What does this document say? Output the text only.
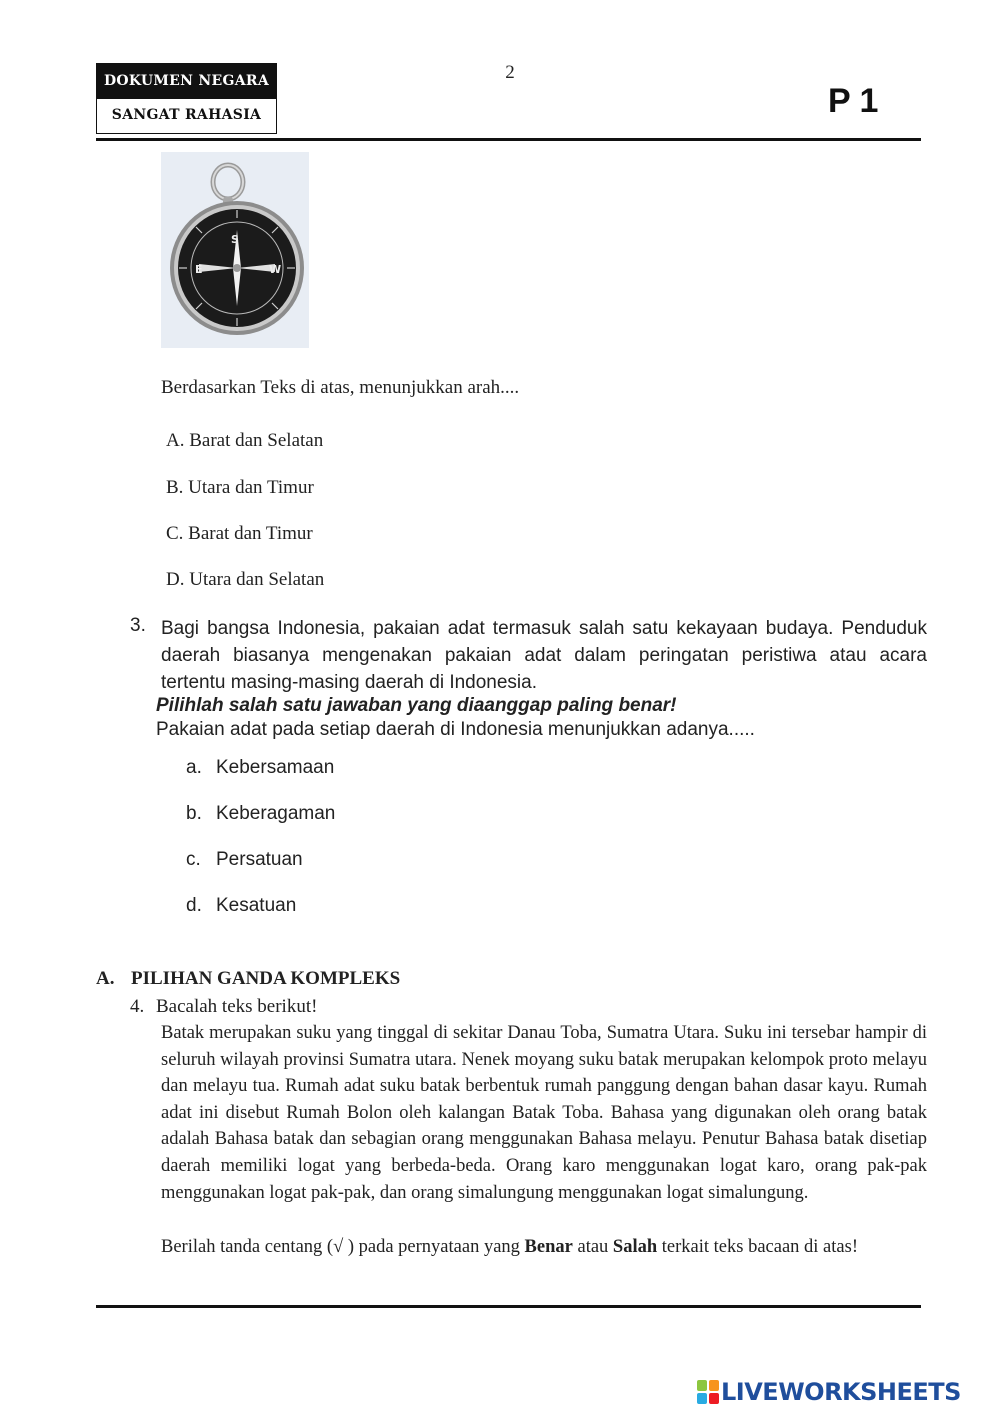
DOKUMEN NEGARA
SANGAT RAHASIA
2
P 1
S
E	W
Berdasarkan Teks di atas, menunjukkan arah....
A. Barat dan Selatan
B. Utara dan Timur
C. Barat dan Timur
D. Utara dan Selatan
3. Bagi bangsa Indonesia, pakaian adat termasuk salah satu kekayaan budaya. Penduduk daerah biasanya mengenakan pakaian adat dalam peringatan peristiwa atau acara tertentu masing-masing daerah di Indonesia.
Pilihlah salah satu jawaban yang diaanggap paling benar!
Pakaian adat pada setiap daerah di Indonesia menunjukkan adanya.....
a. Kebersamaan
b. Keberagaman
c. Persatuan
d. Kesatuan
A. PILIHAN GANDA KOMPLEKS
4. Bacalah teks berikut!
Batak merupakan suku yang tinggal di sekitar Danau Toba, Sumatra Utara. Suku ini tersebar hampir di seluruh wilayah provinsi Sumatra utara. Nenek moyang suku batak merupakan kelompok proto melayu dan melayu tua. Rumah adat suku batak berbentuk rumah panggung dengan bahan dasar kayu. Rumah adat ini disebut Rumah Bolon oleh kalangan Batak Toba. Bahasa yang digunakan oleh orang batak adalah Bahasa batak dan sebagian orang menggunakan Bahasa melayu. Penutur Bahasa batak disetiap daerah memiliki logat yang berbeda-beda. Orang karo menggunakan logat karo, orang pak-pak menggunakan logat pak-pak, dan orang simalungung menggunakan logat simalungung.
Berilah tanda centang (√ ) pada pernyataan yang Benar atau Salah terkait teks bacaan di atas!
LIVEWORKSHEETS
